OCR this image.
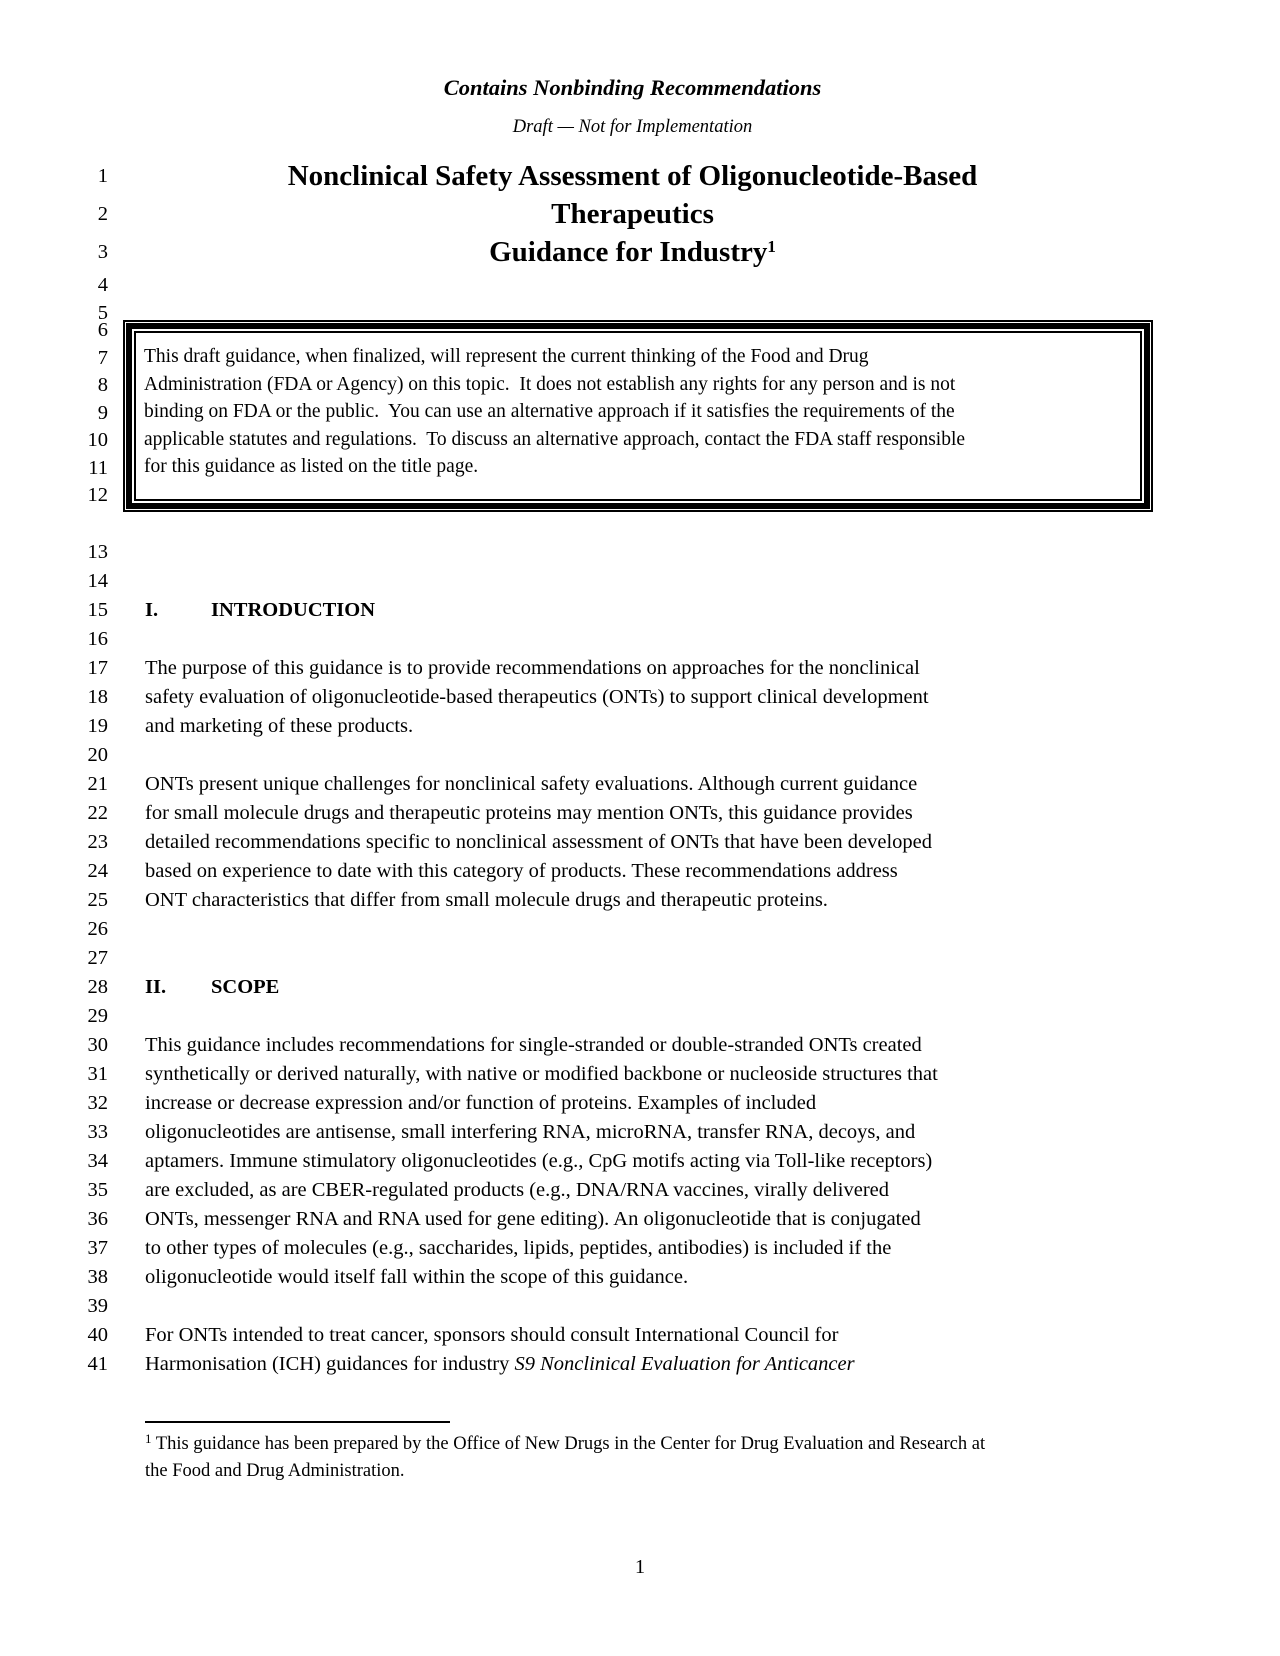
Contains Nonbinding Recommendations
Draft — Not for Implementation
1
2
3
4
5
6
7
8
9
10
11
12
13
14
15
16
17
18
19
20
21
22
23
24
25
26
27
28
29
30
31
32
33
34
35
36
37
38
39
40
41
Nonclinical Safety Assessment of Oligonucleotide-Based
Therapeutics
Guidance for Industry$^1$
This draft guidance, when finalized, will represent the current thinking of the Food and Drug
Administration (FDA or Agency) on this topic.  It does not establish any rights for any person and is not
binding on FDA or the public.  You can use an alternative approach if it satisfies the requirements of the
applicable statutes and regulations.  To discuss an alternative approach, contact the FDA staff responsible
for this guidance as listed on the title page.
I.	INTRODUCTION
The purpose of this guidance is to provide recommendations on approaches for the nonclinical
safety evaluation of oligonucleotide-based therapeutics (ONTs) to support clinical development
and marketing of these products.
ONTs present unique challenges for nonclinical safety evaluations. Although current guidance
for small molecule drugs and therapeutic proteins may mention ONTs, this guidance provides
detailed recommendations specific to nonclinical assessment of ONTs that have been developed
based on experience to date with this category of products. These recommendations address
ONT characteristics that differ from small molecule drugs and therapeutic proteins.
II. SCOPE
This guidance includes recommendations for single-stranded or double-stranded ONTs created
synthetically or derived naturally, with native or modified backbone or nucleoside structures that
increase or decrease expression and/or function of proteins. Examples of included
oligonucleotides are antisense, small interfering RNA, microRNA, transfer RNA, decoys, and
aptamers. Immune stimulatory oligonucleotides (e.g., CpG motifs acting via Toll-like receptors)
are excluded, as are CBER-regulated products (e.g., DNA/RNA vaccines, virally delivered
ONTs, messenger RNA and RNA used for gene editing). An oligonucleotide that is conjugated
to other types of molecules (e.g., saccharides, lipids, peptides, antibodies) is included if the
oligonucleotide would itself fall within the scope of this guidance.
For ONTs intended to treat cancer, sponsors should consult International Council for
Harmonisation (ICH) guidances for industry S9 Nonclinical Evaluation for Anticancer
$^1$ This guidance has been prepared by the Office of New Drugs in the Center for Drug Evaluation and Research at
the Food and Drug Administration.
1
